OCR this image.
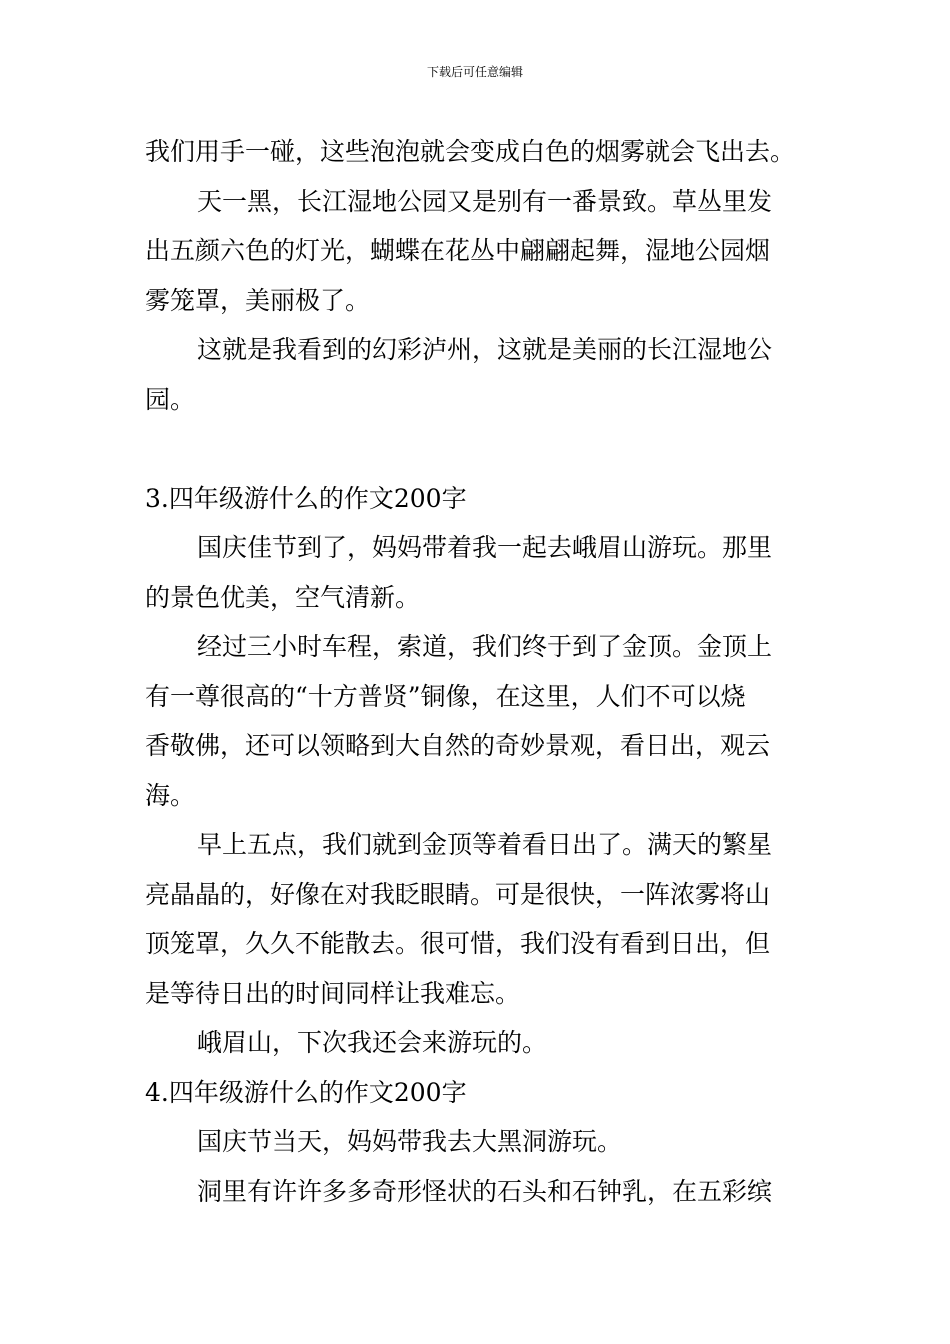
下载后可任意编辑

我们用手一碰，这些泡泡就会变成白色的烟雾就会飞出去。

天一黑，长江湿地公园又是别有一番景致。草丛里发

出五颜六色的灯光，蝴蝶在花丛中翩翩起舞，湿地公园烟

雾笼罩，美丽极了。

这就是我看到的幻彩泸州，这就是美丽的长江湿地公

园。

3.四年级游什么的作文200字

国庆佳节到了，妈妈带着我一起去峨眉山游玩。那里

的景色优美，空气清新。

经过三小时车程，索道，我们终于到了金顶。金顶上

有一尊很高的“十方普贤”铜像，在这里，人们不可以烧

香敬佛，还可以领略到大自然的奇妙景观，看日出，观云

海。

早上五点，我们就到金顶等着看日出了。满天的繁星

亮晶晶的，好像在对我眨眼睛。可是很快，一阵浓雾将山

顶笼罩，久久不能散去。很可惜，我们没有看到日出，但

是等待日出的时间同样让我难忘。

峨眉山，下次我还会来游玩的。

4.四年级游什么的作文200字

国庆节当天，妈妈带我去大黑洞游玩。

洞里有许许多多奇形怪状的石头和石钟乳，在五彩缤
